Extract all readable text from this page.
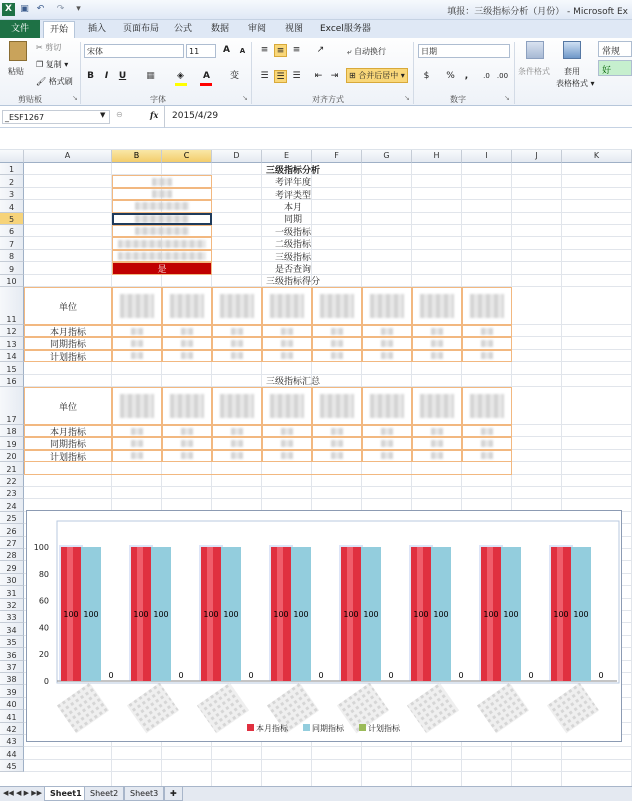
X ▣ ↶	↷	▾	填报：三级指标分析（月份） - Microsoft Ex
文件	开始	插入	页面布局	公式	数据	审阅	视图	Excel服务器
粘贴
✂ 剪切
❐ 复制 ▾
🖌 格式刷
剪贴板	↘
宋体	11	A	A
B	I	U	▦	◈	A	变
字体	↘
≡ ≡ ≡	↗	⤶ 自动换行
☰ ☰ ☰	⇤ ⇥	⊞ 合并后居中 ▾
对齐方式	↘
日期
$	%	,	.0	.00
数字	↘
条件格式 套用
表格格式 ▾
常规
好
_ESF1267	▼ ⊖	fx 2015/4/29
A	B	C	D	E	F	G	H	I	J	K
1
2
3
4
5
6
7
8
9
10
11
12
13
14
15
16
17
18
19
20
21
22
23
24
25
26
27
28
29
30
31
32
33
34
35
36
37
38
39
40
41
42
43
44
45
三级指标分析
考评年度
考评类型
本月
同期
一级指标
二级指标
三级指标
是否查询
是
三级指标得分
单位
本月指标
同期指标
计划指标
三级指标汇总
单位
本月指标
同期指标
计划指标
0
20
40
60
80
100
100 100
0
100 100
0
100 100
0
100 100
0
100 100
0
100 100
0
100 100
0
100 100
0
本月指标	同期指标	计划指标
◀◀ ◀ ▶ ▶▶	Sheet1	Sheet2	Sheet3	✚
